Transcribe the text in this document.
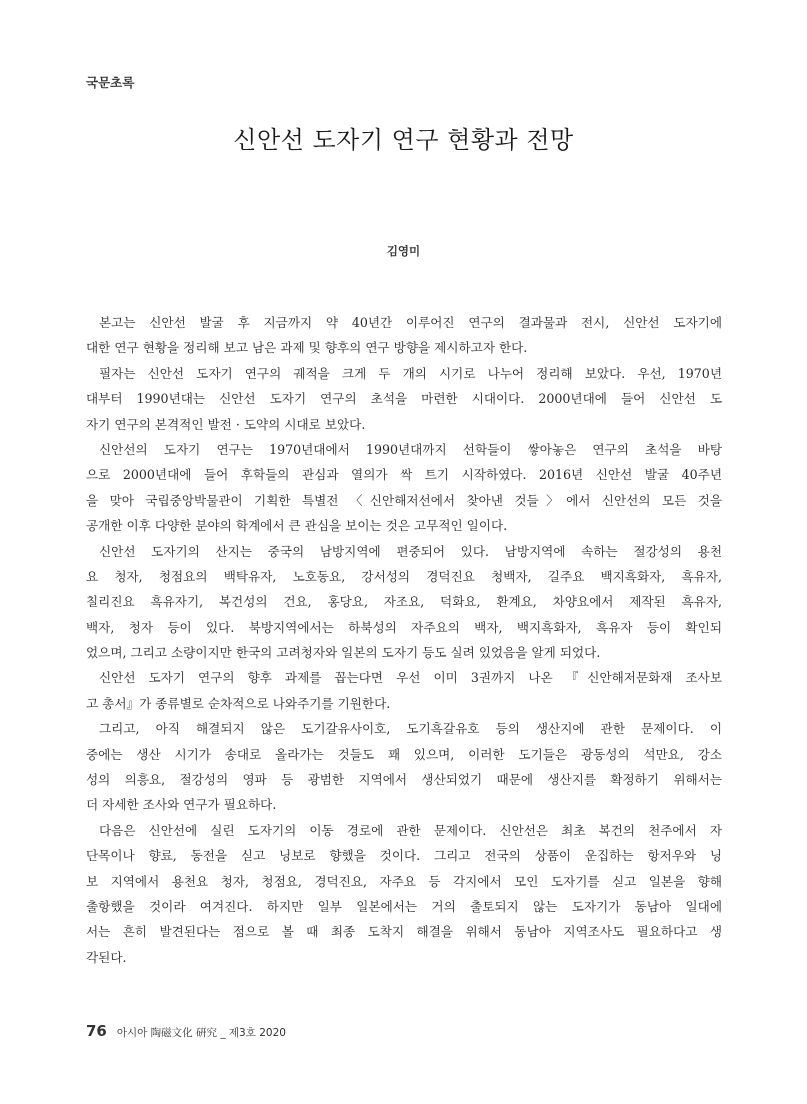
국문초록
신안선 도자기 연구 현황과 전망
김영미
본고는 신안선 발굴 후 지금까지 약 40년간 이루어진 연구의 결과물과 전시, 신안선 도자기에
대한 연구 현황을 정리해 보고 남은 과제 및 향후의 연구 방향을 제시하고자 한다.
필자는 신안선 도자기 연구의 궤적을 크게 두 개의 시기로 나누어 정리해 보았다. 우선, 1970년
대부터 1990년대는 신안선 도자기 연구의 초석을 마련한 시대이다. 2000년대에 들어 신안선 도
자기 연구의 본격적인 발전 · 도약의 시대로 보았다.
신안선의 도자기 연구는 1970년대에서 1990년대까지 선학들이 쌓아놓은 연구의 초석을 바탕
으로 2000년대에 들어 후학들의 관심과 열의가 싹 트기 시작하였다. 2016년 신안선 발굴 40주년
을 맞아 국립중앙박물관이 기획한 특별전 〈신안해저선에서 찾아낸 것들〉에서 신안선의 모든 것을
공개한 이후 다양한 분야의 학계에서 큰 관심을 보이는 것은 고무적인 일이다.
신안선 도자기의 산지는 중국의 남방지역에 편중되어 있다. 남방지역에 속하는 절강성의 용천
요 청자, 청점요의 백탁유자, 노호동요, 강서성의 경덕진요 청백자, 길주요 백지흑화자, 흑유자,
칠리진요 흑유자기, 복건성의 건요, 홍당요, 자조요, 덕화요, 환계요, 차양요에서 제작된 흑유자,
백자, 청자 등이 있다. 북방지역에서는 하북성의 자주요의 백자, 백지흑화자, 흑유자 등이 확인되
었으며, 그리고 소량이지만 한국의 고려청자와 일본의 도자기 등도 실려 있었음을 알게 되었다.
신안선 도자기 연구의 향후 과제를 꼽는다면 우선 이미 3권까지 나온 『신안해저문화재 조사보
고 총서』가 종류별로 순차적으로 나와주기를 기원한다.
그리고, 아직 해결되지 않은 도기갈유사이호, 도기흑갈유호 등의 생산지에 관한 문제이다. 이
중에는 생산 시기가 송대로 올라가는 것들도 꽤 있으며, 이러한 도기들은 광동성의 석만요, 강소
성의 의흥요, 절강성의 영파 등 광범한 지역에서 생산되었기 때문에 생산지를 확정하기 위해서는
더 자세한 조사와 연구가 필요하다.
다음은 신안선에 실린 도자기의 이동 경로에 관한 문제이다. 신안선은 최초 복건의 천주에서 자
단목이나 향료, 동전을 싣고 닝보로 향했을 것이다. 그리고 전국의 상품이 운집하는 항저우와 닝
보 지역에서 용천요 청자, 청점요, 경덕진요, 자주요 등 각지에서 모인 도자기를 싣고 일본을 향해
출항했을 것이라 여겨진다. 하지만 일부 일본에서는 거의 출토되지 않는 도자기가 동남아 일대에
서는 흔히 발견된다는 점으로 볼 때 최종 도착지 해결을 위해서 동남아 지역조사도 필요하다고 생
각된다.
76 아시아 陶磁文化 硏究 _ 제3호 2020
